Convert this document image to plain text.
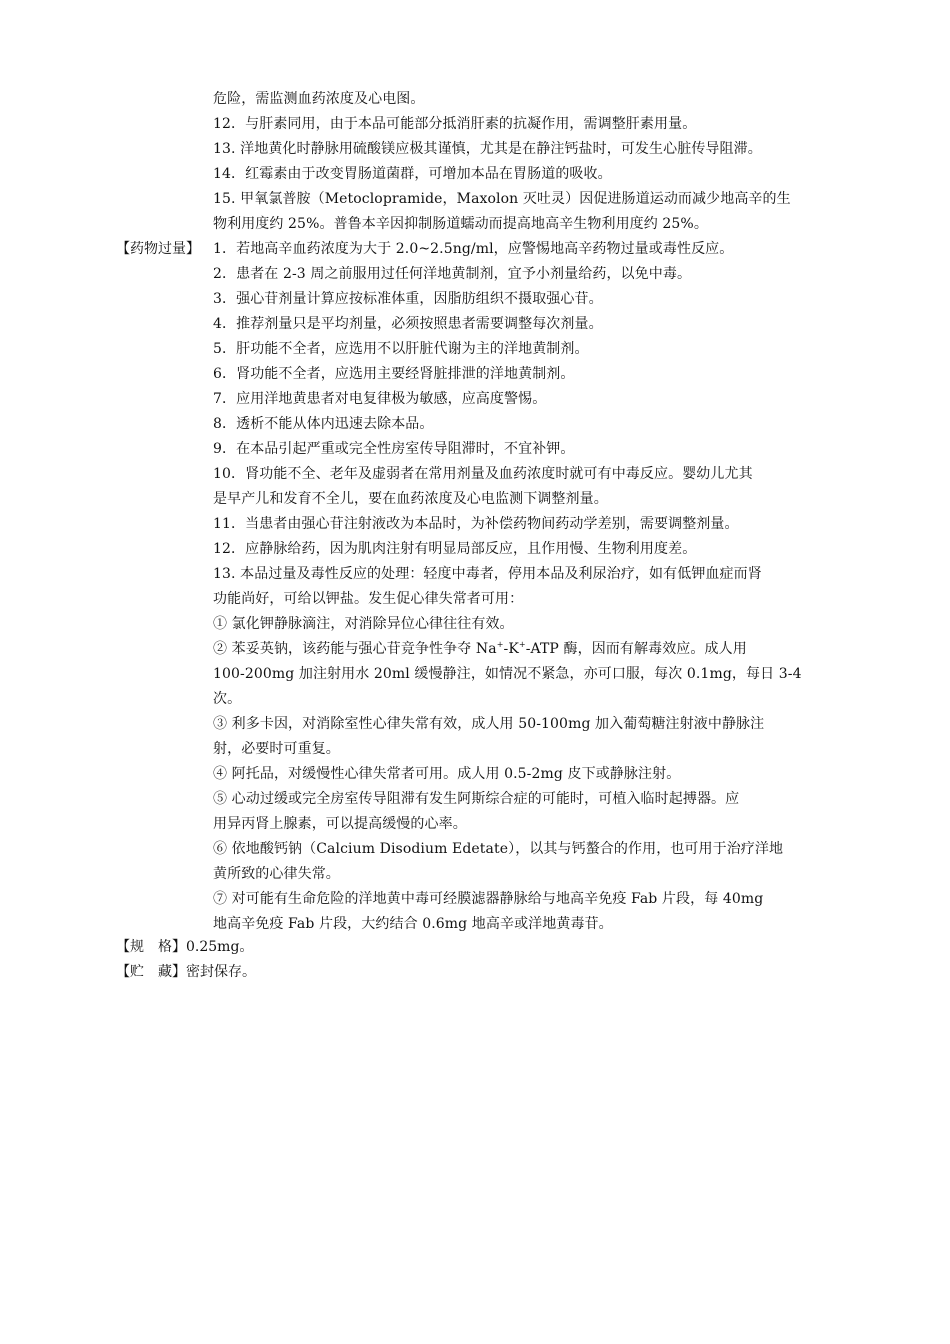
危险，需监测血药浓度及心电图。
12．与肝素同用，由于本品可能部分抵消肝素的抗凝作用，需调整肝素用量。
13. 洋地黄化时静脉用硫酸镁应极其谨慎，尤其是在静注钙盐时，可发生心脏传导阻滞。
14．红霉素由于改变胃肠道菌群，可增加本品在胃肠道的吸收。
15. 甲氧氯普胺（Metoclopramide，Maxolon 灭吐灵）因促进肠道运动而减少地高辛的生
物利用度约 25%。普鲁本辛因抑制肠道蠕动而提高地高辛生物利用度约 25%。
【药物过量】 1．若地高辛血药浓度为大于 2.0~2.5ng/ml，应警惕地高辛药物过量或毒性反应。
2．患者在 2-3 周之前服用过任何洋地黄制剂，宜予小剂量给药，以免中毒。
3．强心苷剂量计算应按标准体重，因脂肪组织不摄取强心苷。
4．推荐剂量只是平均剂量，必须按照患者需要调整每次剂量。
5．肝功能不全者，应选用不以肝脏代谢为主的洋地黄制剂。
6．肾功能不全者，应选用主要经肾脏排泄的洋地黄制剂。
7．应用洋地黄患者对电复律极为敏感，应高度警惕。
8．透析不能从体内迅速去除本品。
9．在本品引起严重或完全性房室传导阻滞时，不宜补钾。
10．肾功能不全、老年及虚弱者在常用剂量及血药浓度时就可有中毒反应。婴幼儿尤其
是早产儿和发育不全儿，要在血药浓度及心电监测下调整剂量。
11．当患者由强心苷注射液改为本品时，为补偿药物间药动学差别，需要调整剂量。
12．应静脉给药，因为肌肉注射有明显局部反应，且作用慢、生物利用度差。
13. 本品过量及毒性反应的处理：轻度中毒者，停用本品及利尿治疗，如有低钾血症而肾
功能尚好，可给以钾盐。发生促心律失常者可用：
① 氯化钾静脉滴注，对消除异位心律往往有效。
② 苯妥英钠，该药能与强心苷竞争性争夺 Na+-K+-ATP 酶，因而有解毒效应。成人用
100-200mg 加注射用水 20ml 缓慢静注，如情况不紧急，亦可口服，每次 0.1mg，每日 3-4
次。
③ 利多卡因，对消除室性心律失常有效，成人用 50-100mg 加入葡萄糖注射液中静脉注
射，必要时可重复。
④ 阿托品，对缓慢性心律失常者可用。成人用 0.5-2mg 皮下或静脉注射。
⑤ 心动过缓或完全房室传导阻滞有发生阿斯综合症的可能时，可植入临时起搏器。应
用异丙肾上腺素，可以提高缓慢的心率。
⑥ 依地酸钙钠（Calcium Disodium Edetate），以其与钙螯合的作用，也可用于治疗洋地
黄所致的心律失常。
⑦ 对可能有生命危险的洋地黄中毒可经膜滤器静脉给与地高辛免疫 Fab 片段，每 40mg
地高辛免疫 Fab 片段，大约结合 0.6mg 地高辛或洋地黄毒苷。
【规　格】0.25mg。
【贮　藏】密封保存。
